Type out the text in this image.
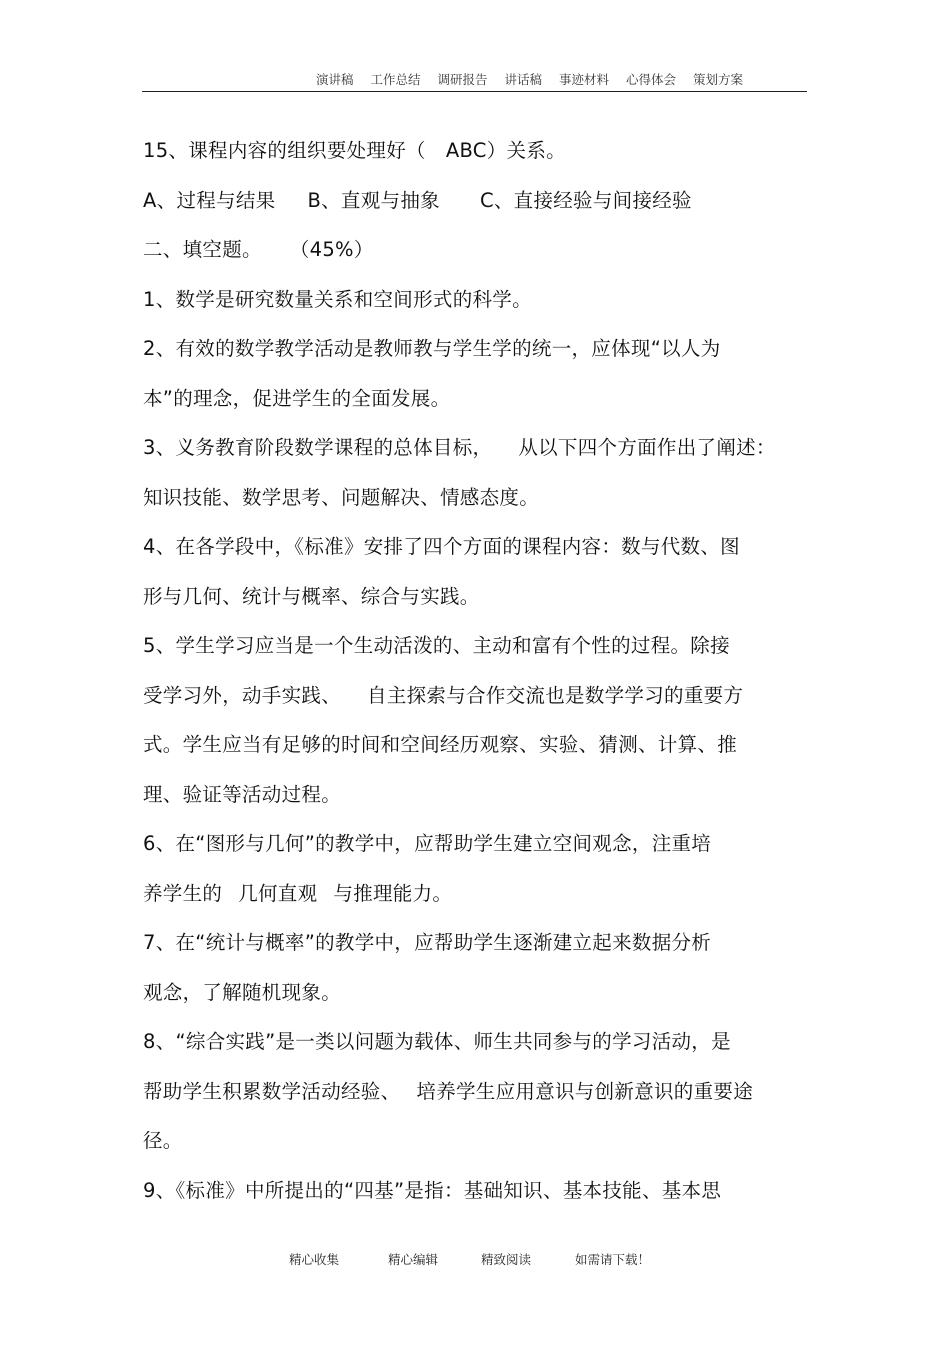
演讲稿 工作总结 调研报告 讲话稿 事迹材料 心得体会 策划方案
15、课程内容的组织要处理好（ ABC）关系。
A、过程与结果 B、直观与抽象 C、直接经验与间接经验
二、填空题。 （45%）
1、数学是研究数量关系和空间形式的科学。
2、有效的数学教学活动是教师教与学生学的统一，应体现“以人为
本”的理念，促进学生的全面发展。
3、义务教育阶段数学课程的总体目标， 从以下四个方面作出了阐述：
知识技能、数学思考、问题解决、情感态度。
4、在各学段中，《标准》安排了四个方面的课程内容：数与代数、图
形与几何、统计与概率、综合与实践。
5、学生学习应当是一个生动活泼的、主动和富有个性的过程。除接
受学习外，动手实践、 自主探索与合作交流也是数学学习的重要方
式。学生应当有足够的时间和空间经历观察、实验、猜测、计算、推
理、验证等活动过程。
6、在“图形与几何”的教学中，应帮助学生建立空间观念，注重培
养学生的 几何直观 与推理能力。
7、在“统计与概率”的教学中，应帮助学生逐渐建立起来数据分析
观念，了解随机现象。
8、“综合实践”是一类以问题为载体、师生共同参与的学习活动，是
帮助学生积累数学活动经验、 培养学生应用意识与创新意识的重要途
径。
9、《标准》中所提出的“四基”是指：基础知识、基本技能、基本思
精心收集	精心编辑	精致阅读	如需请下载！
